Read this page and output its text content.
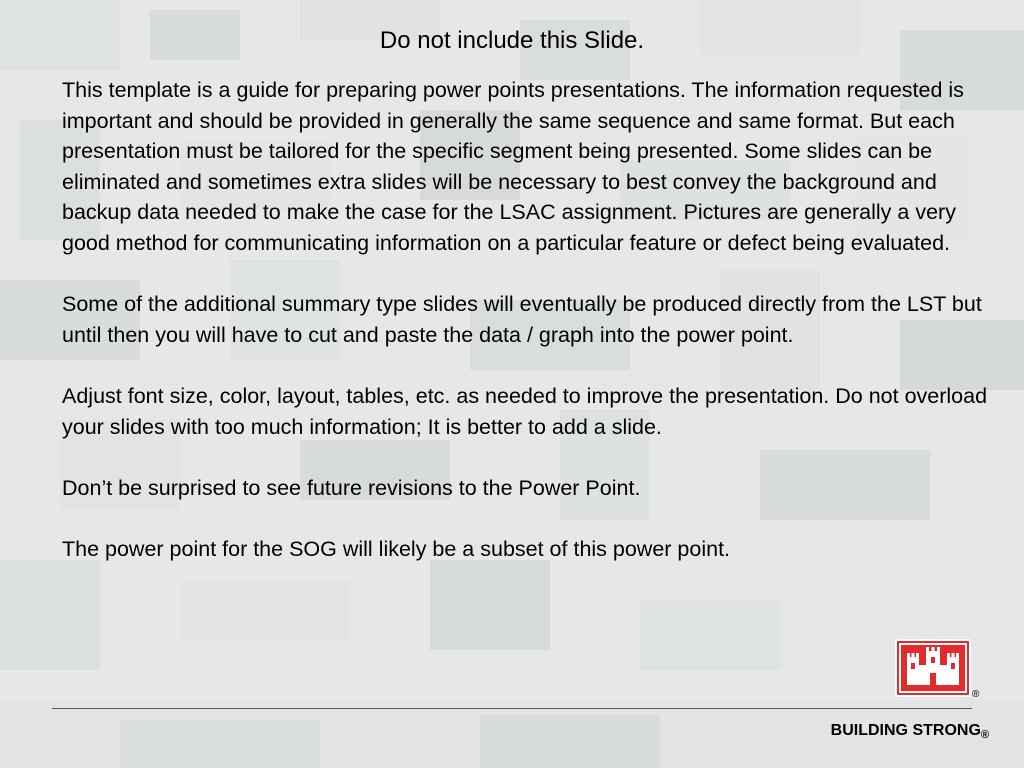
Do not include this Slide.

This template is a guide for preparing power points presentations. The information requested is important and should be provided in generally the same sequence and same format. But each presentation must be tailored for the specific segment being presented. Some slides can be eliminated and sometimes extra slides will be necessary to best convey the background and backup data needed to make the case for the LSAC assignment. Pictures are generally a very good method for communicating information on a particular feature or defect being evaluated.

Some of the additional summary type slides will eventually be produced directly from the LST but until then you will have to cut and paste the data / graph into the power point.

Adjust font size, color, layout, tables, etc. as needed to improve the presentation. Do not overload your slides with too much information; It is better to add a slide.

Don’t be surprised to see future revisions to the Power Point.

The power point for the SOG will likely be a subset of this power point.

®
BUILDING $STRONG_®$
